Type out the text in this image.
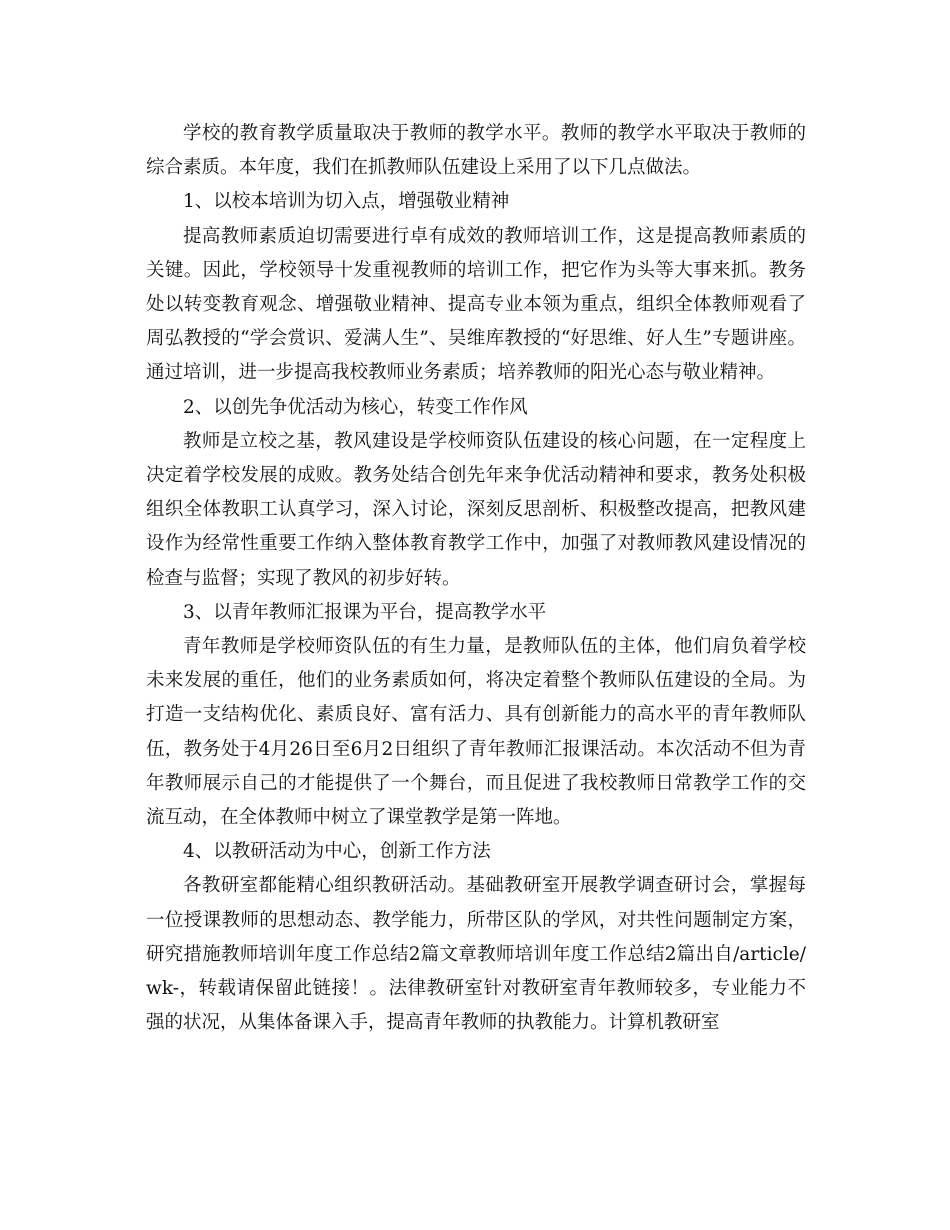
学校的教育教学质量取决于教师的教学水平。教师的教学水平取决于教师的综合素质。本年度，我们在抓教师队伍建设上采用了以下几点做法。

1、以校本培训为切入点，增强敬业精神

提高教师素质迫切需要进行卓有成效的教师培训工作，这是提高教师素质的关键。因此，学校领导十发重视教师的培训工作，把它作为头等大事来抓。教务处以转变教育观念、增强敬业精神、提高专业本领为重点，组织全体教师观看了周弘教授的“学会赏识、爱满人生”、吴维库教授的“好思维、好人生”专题讲座。通过培训，进一步提高我校教师业务素质；培养教师的阳光心态与敬业精神。

2、以创先争优活动为核心，转变工作作风

教师是立校之基，教风建设是学校师资队伍建设的核心问题，在一定程度上决定着学校发展的成败。教务处结合创先年来争优活动精神和要求，教务处积极组织全体教职工认真学习，深入讨论，深刻反思剖析、积极整改提高，把教风建设作为经常性重要工作纳入整体教育教学工作中，加强了对教师教风建设情况的检查与监督；实现了教风的初步好转。

3、以青年教师汇报课为平台，提高教学水平

青年教师是学校师资队伍的有生力量，是教师队伍的主体，他们肩负着学校未来发展的重任，他们的业务素质如何，将决定着整个教师队伍建设的全局。为打造一支结构优化、素质良好、富有活力、具有创新能力的高水平的青年教师队伍，教务处于4月26日至6月2日组织了青年教师汇报课活动。本次活动不但为青年教师展示自己的才能提供了一个舞台，而且促进了我校教师日常教学工作的交流互动，在全体教师中树立了课堂教学是第一阵地。

4、以教研活动为中心，创新工作方法

各教研室都能精心组织教研活动。基础教研室开展教学调查研讨会，掌握每一位授课教师的思想动态、教学能力，所带区队的学风，对共性问题制定方案，研究措施教师培训年度工作总结2篇文章教师培训年度工作总结2篇出自/article/wk-，转载请保留此链接！。法律教研室针对教研室青年教师较多，专业能力不强的状况，从集体备课入手，提高青年教师的执教能力。计算机教研室
